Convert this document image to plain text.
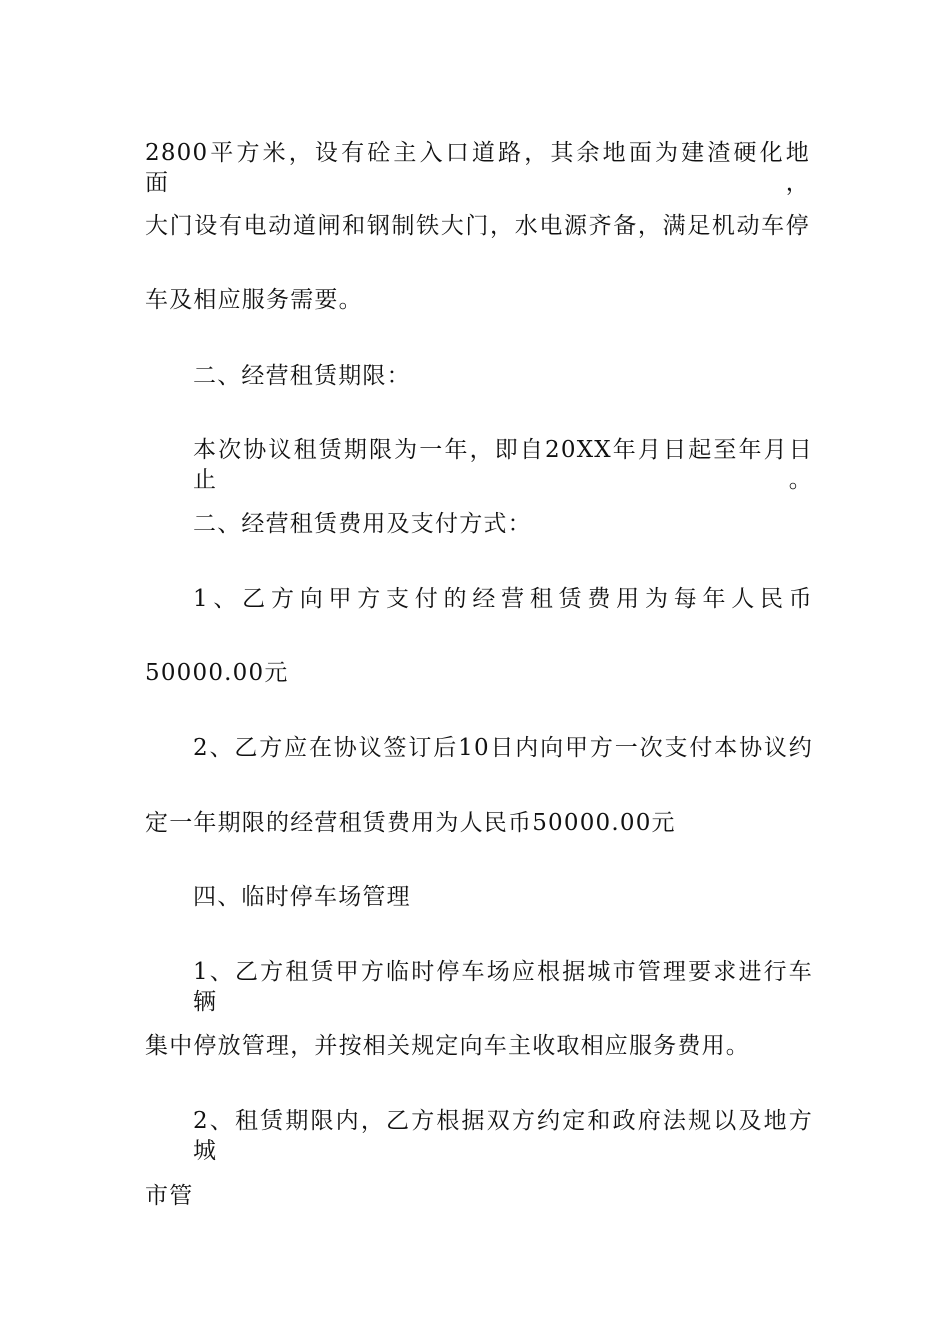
2800平方米，设有砼主入口道路，其余地面为建渣硬化地面，
大门设有电动道闸和钢制铁大门，水电源齐备，满足机动车停
车及相应服务需要。
二、经营租赁期限：
本次协议租赁期限为一年，即自20XX年月日起至年月日止。
二、经营租赁费用及支付方式：
1、乙方向甲方支付的经营租赁费用为每年人民币
50000.00元
2、乙方应在协议签订后10日内向甲方一次支付本协议约
定一年期限的经营租赁费用为人民币50000.00元
四、临时停车场管理
1、乙方租赁甲方临时停车场应根据城市管理要求进行车辆
集中停放管理，并按相关规定向车主收取相应服务费用。
2、租赁期限内，乙方根据双方约定和政府法规以及地方城
市管
